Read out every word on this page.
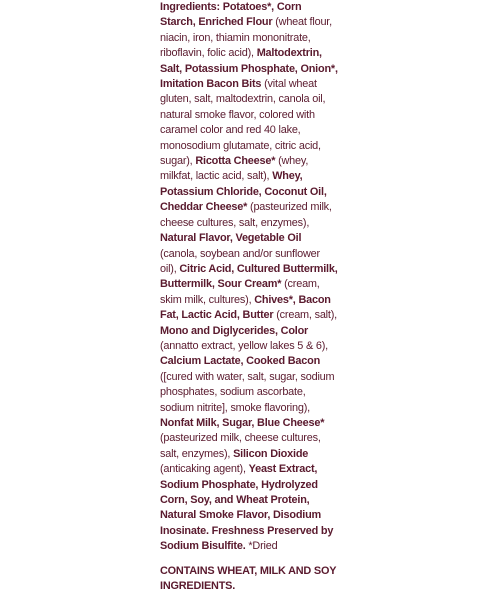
Ingredients: Potatoes*, Corn
Starch, Enriched Flour (wheat flour,
niacin, iron, thiamin mononitrate,
riboflavin, folic acid), Maltodextrin,
Salt, Potassium Phosphate, Onion*,
Imitation Bacon Bits (vital wheat
gluten, salt, maltodextrin, canola oil,
natural smoke flavor, colored with
caramel color and red 40 lake,
monosodium glutamate, citric acid,
sugar), Ricotta Cheese* (whey,
milkfat, lactic acid, salt), Whey,
Potassium Chloride, Coconut Oil,
Cheddar Cheese* (pasteurized milk,
cheese cultures, salt, enzymes),
Natural Flavor, Vegetable Oil
(canola, soybean and/or sunflower
oil), Citric Acid, Cultured Buttermilk,
Buttermilk, Sour Cream* (cream,
skim milk, cultures), Chives*, Bacon
Fat, Lactic Acid, Butter (cream, salt),
Mono and Diglycerides, Color
(annatto extract, yellow lakes 5 & 6),
Calcium Lactate, Cooked Bacon
([cured with water, salt, sugar, sodium
phosphates, sodium ascorbate,
sodium nitrite], smoke flavoring),
Nonfat Milk, Sugar, Blue Cheese*
(pasteurized milk, cheese cultures,
salt, enzymes), Silicon Dioxide
(anticaking agent), Yeast Extract,
Sodium Phosphate, Hydrolyzed
Corn, Soy, and Wheat Protein,
Natural Smoke Flavor, Disodium
Inosinate. Freshness Preserved by
Sodium Bisulfite. *Dried
CONTAINS WHEAT, MILK AND SOY
INGREDIENTS.
